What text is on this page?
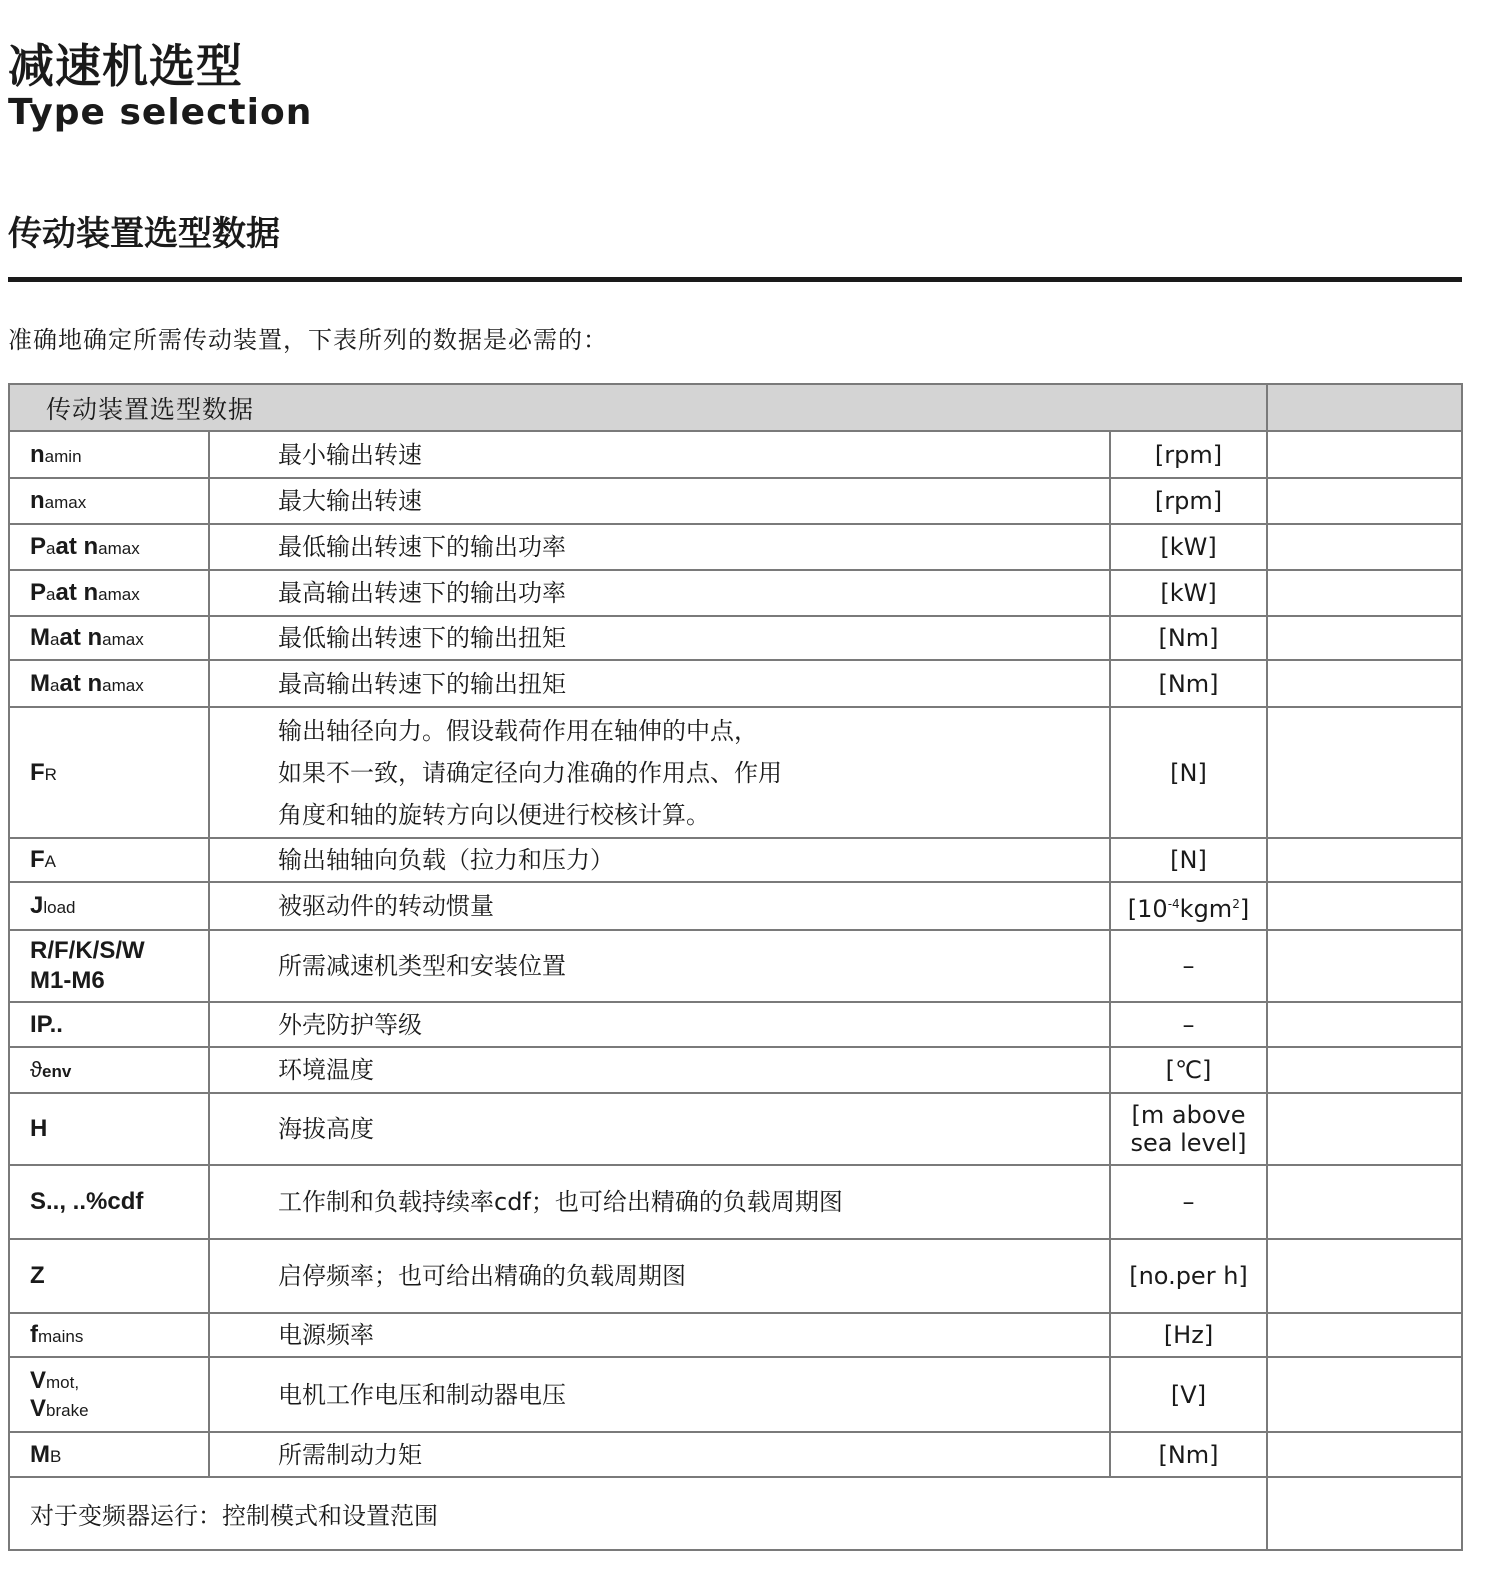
减速机选型
Type selection
传动装置选型数据
准确地确定所需传动装置，下表所列的数据是必需的：
传动装置选型数据			
namin	最小输出转速	[rpm]	
namax	最大输出转速	[rpm]	
Paat namax	最低输出转速下的输出功率	[kW]	
Paat namax	最高输出转速下的输出功率	[kW]	
Maat namax	最低输出转速下的输出扭矩	[Nm]	
Maat namax	最高输出转速下的输出扭矩	[Nm]	
FR	输出轴径向力。假设载荷作用在轴伸的中点，
如果不一致，请确定径向力准确的作用点、作用
角度和轴的旋转方向以便进行校核计算。	[N]	
FA	输出轴轴向负载（拉力和压力）	[N]	
Jload	被驱动件的转动惯量	$[10^{-4}kgm^2]$	

R/F/K/S/W
M1-M6	所需减速机类型和安装位置	–	
IP..	外壳防护等级	–	
ϑenv	环境温度	[℃]	
H	海拔高度	[m above
sea level]	

S.., ..%cdf	工作制和负载持续率cdf；也可给出精确的负载周期图	–	
Z	启停频率；也可给出精确的负载周期图	[no.per h]	
fmains	电源频率	[Hz]	

Vmot,
Vbrake	电机工作电压和制动器电压	[V]	
MB	所需制动力矩	[Nm]	
对于变频器运行：控制模式和设置范围			
